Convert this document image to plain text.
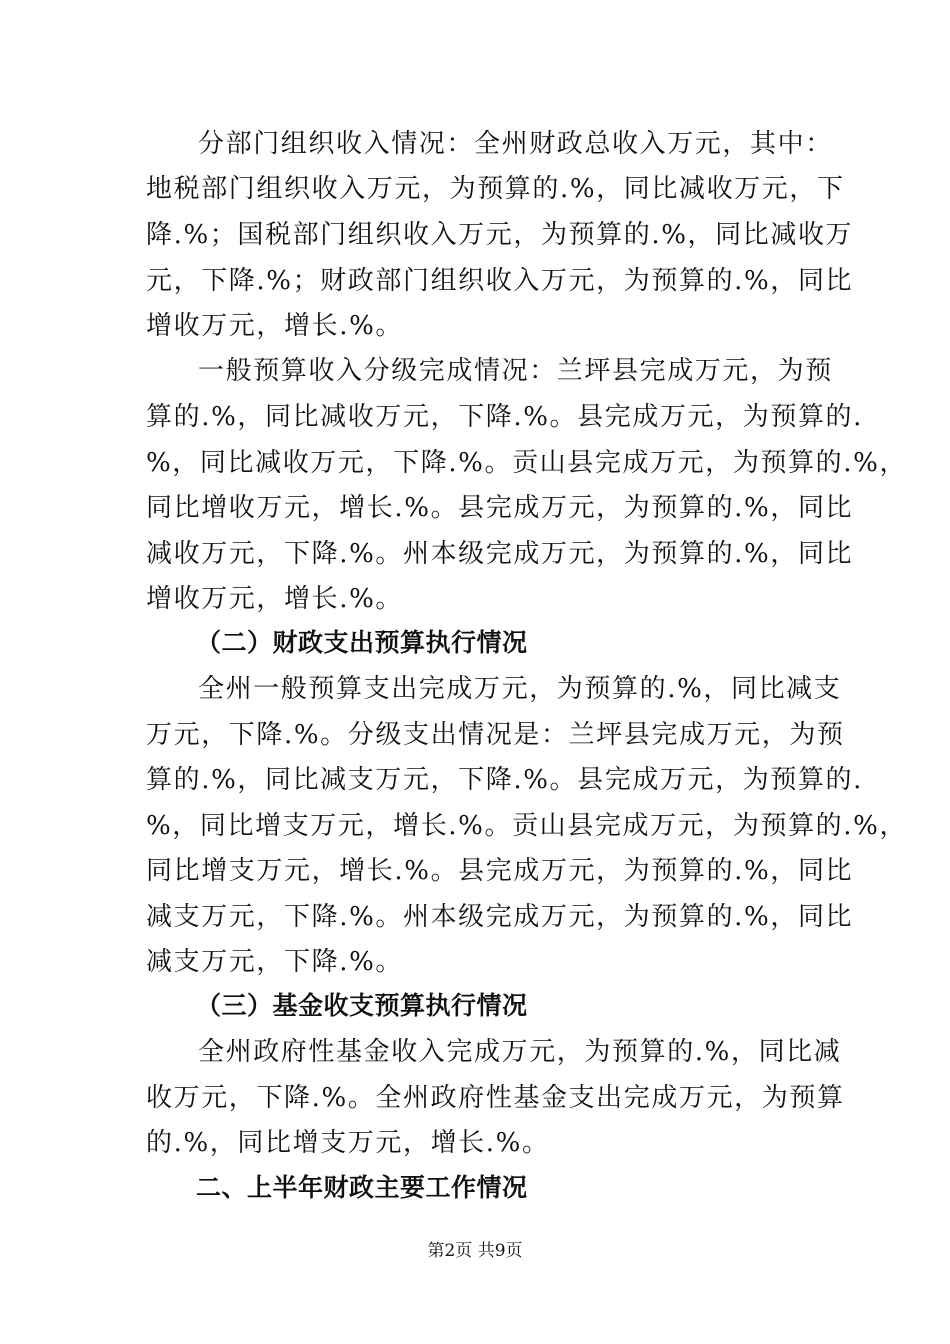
分部门组织收入情况：全州财政总收入万元，其中：
地税部门组织收入万元，为预算的.%，同比减收万元，下
降.%；国税部门组织收入万元，为预算的.%，同比减收万
元，下降.%；财政部门组织收入万元，为预算的.%，同比
增收万元，增长.%。
一般预算收入分级完成情况：兰坪县完成万元，为预
算的.%，同比减收万元，下降.%。县完成万元，为预算的.
%，同比减收万元，下降.%。贡山县完成万元，为预算的.%，
同比增收万元，增长.%。县完成万元，为预算的.%，同比
减收万元，下降.%。州本级完成万元，为预算的.%，同比
增收万元，增长.%。
（二）财政支出预算执行情况
全州一般预算支出完成万元，为预算的.%，同比减支
万元，下降.%。分级支出情况是：兰坪县完成万元，为预
算的.%，同比减支万元，下降.%。县完成万元，为预算的.
%，同比增支万元，增长.%。贡山县完成万元，为预算的.%，
同比增支万元，增长.%。县完成万元，为预算的.%，同比
减支万元，下降.%。州本级完成万元，为预算的.%，同比
减支万元，下降.%。
（三）基金收支预算执行情况
全州政府性基金收入完成万元，为预算的.%，同比减
收万元，下降.%。全州政府性基金支出完成万元，为预算
的.%，同比增支万元，增长.%。
二、上半年财政主要工作情况
第2页 共9页
